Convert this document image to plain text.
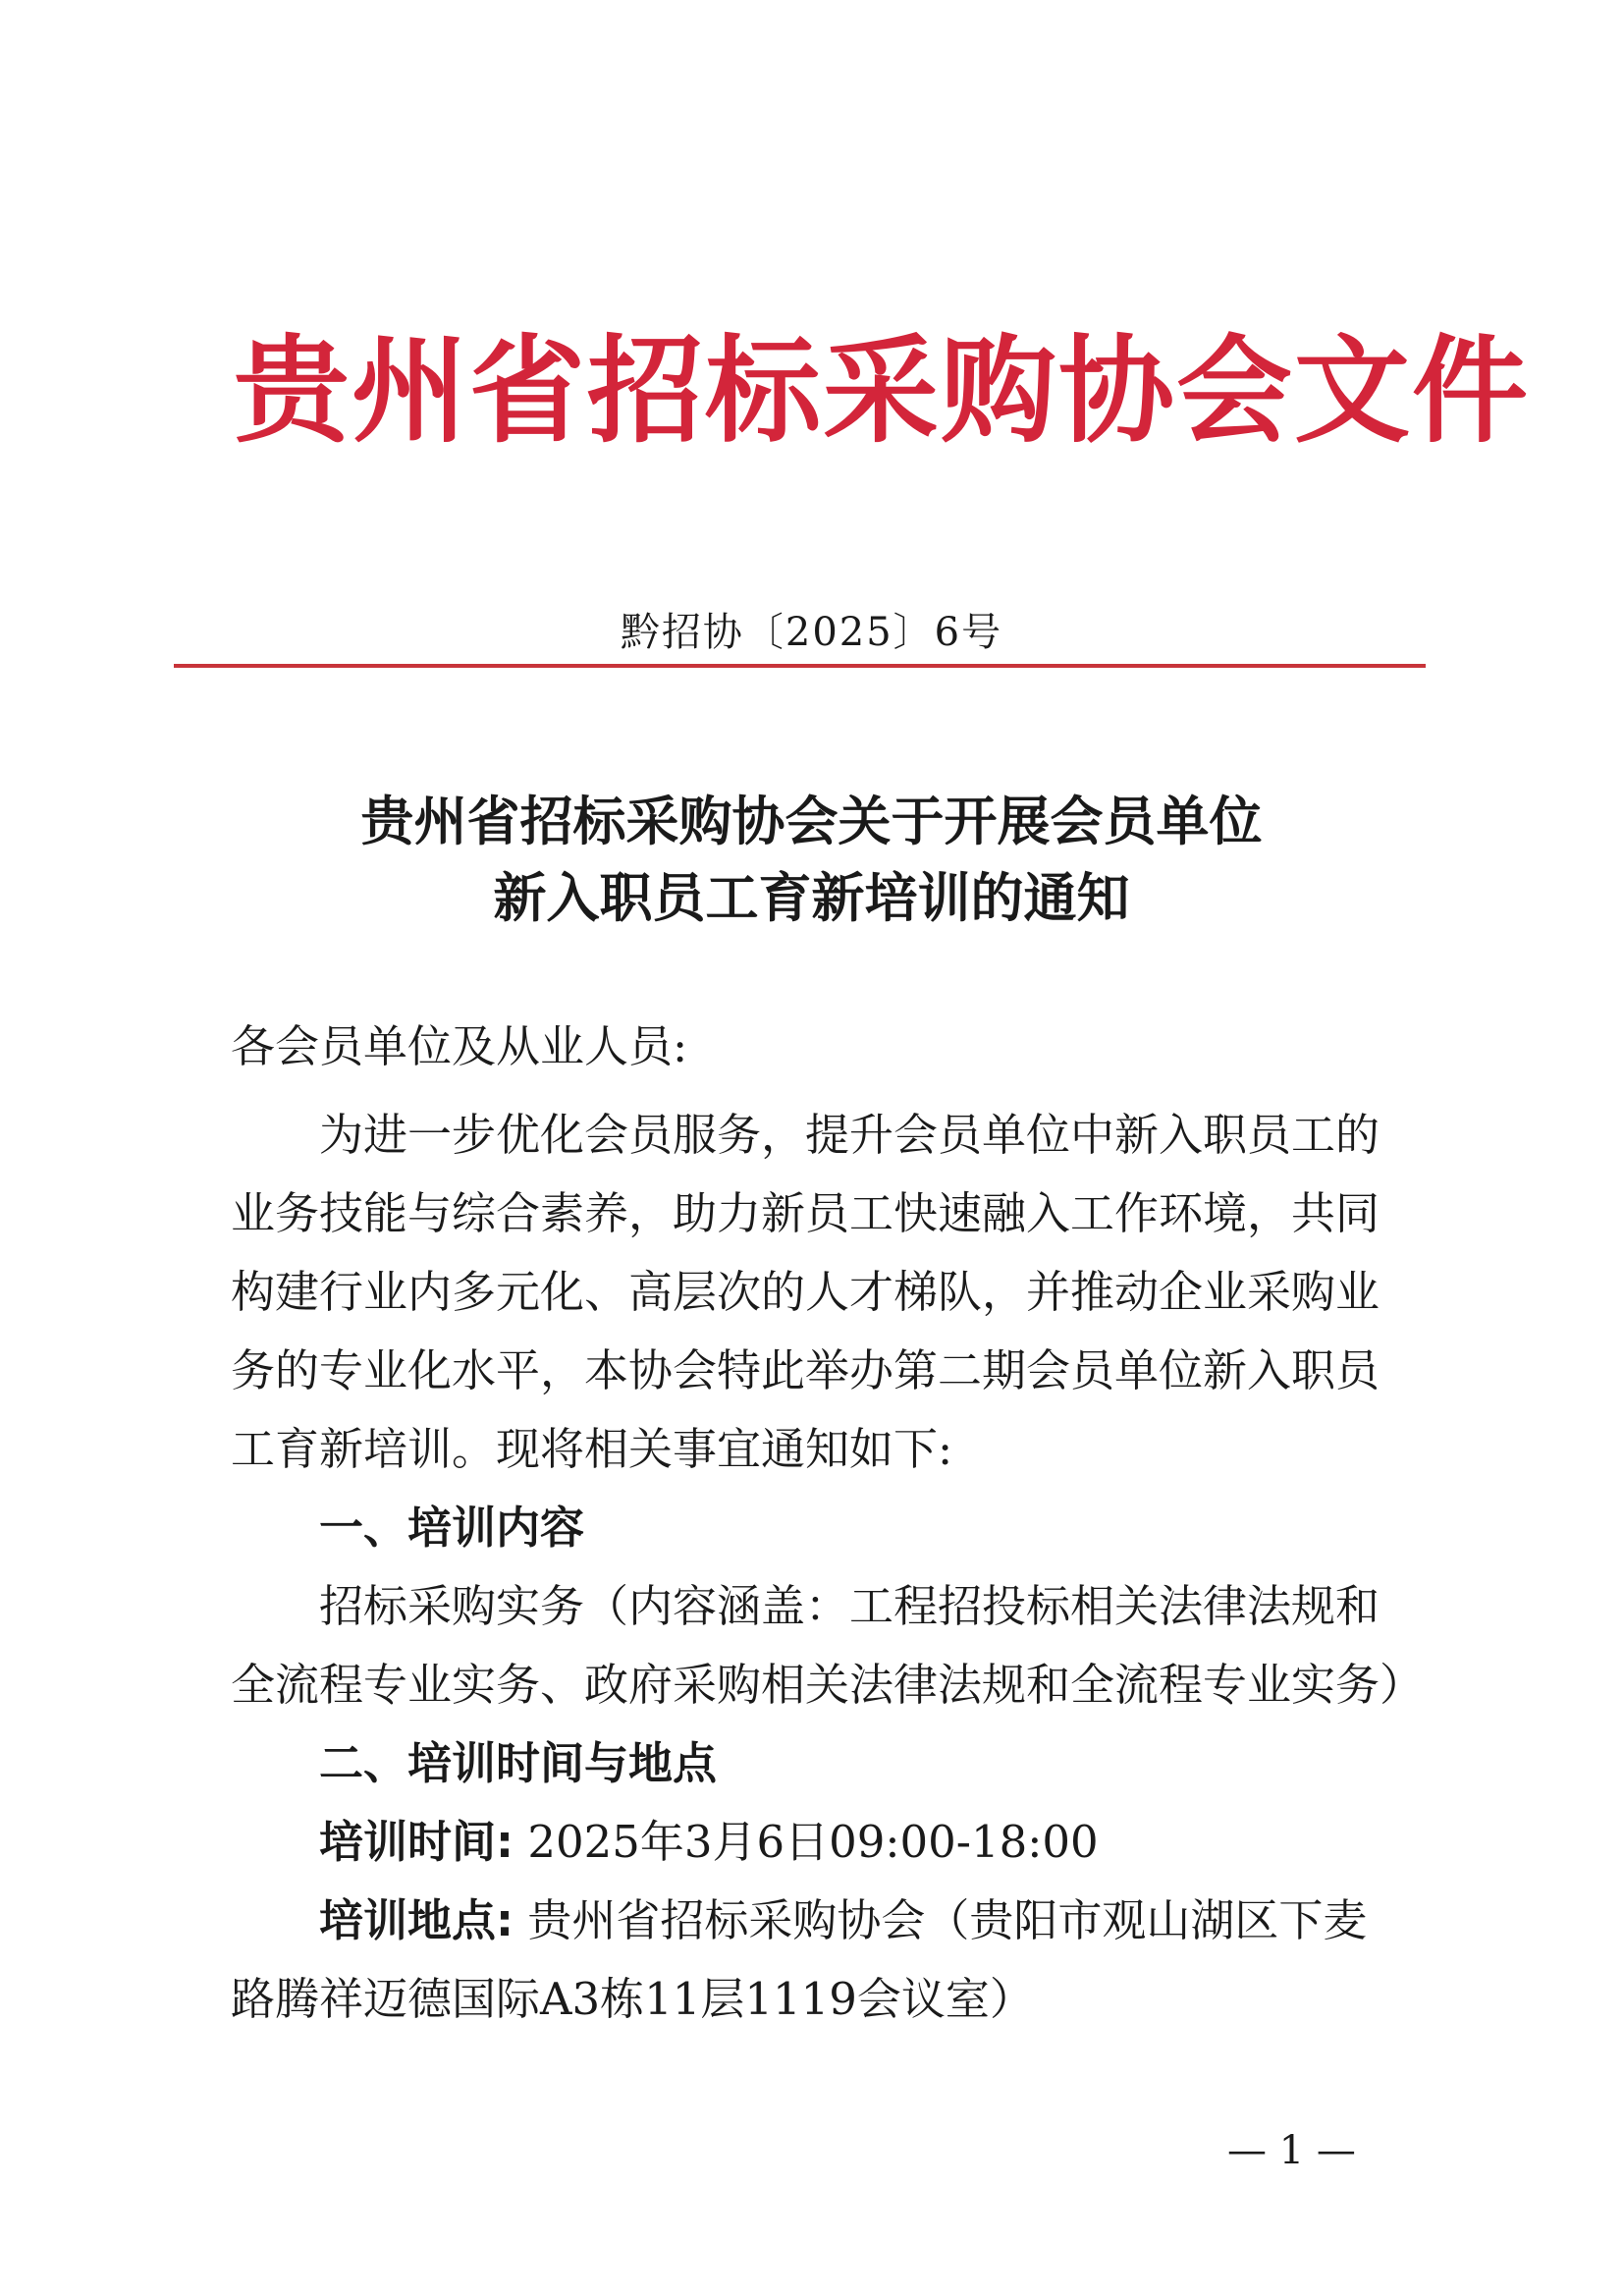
贵州省招标采购协会文件
黔招协〔2025〕6号
贵州省招标采购协会关于开展会员单位
新入职员工育新培训的通知
各会员单位及从业人员:
为进一步优化会员服务，提升会员单位中新入职员工的
业务技能与综合素养，助力新员工快速融入工作环境，共同
构建行业内多元化、高层次的人才梯队，并推动企业采购业
务的专业化水平，本协会特此举办第二期会员单位新入职员
工育新培训。现将相关事宜通知如下:
一、培训内容
招标采购实务（内容涵盖：工程招投标相关法律法规和
全流程专业实务、政府采购相关法律法规和全流程专业实务）
二、培训时间与地点
培训时间: 2025年3月6日09:00-18:00
培训地点: 贵州省招标采购协会（贵阳市观山湖区下麦
路腾祥迈德国际A3栋11层1119会议室）
— 1 —
